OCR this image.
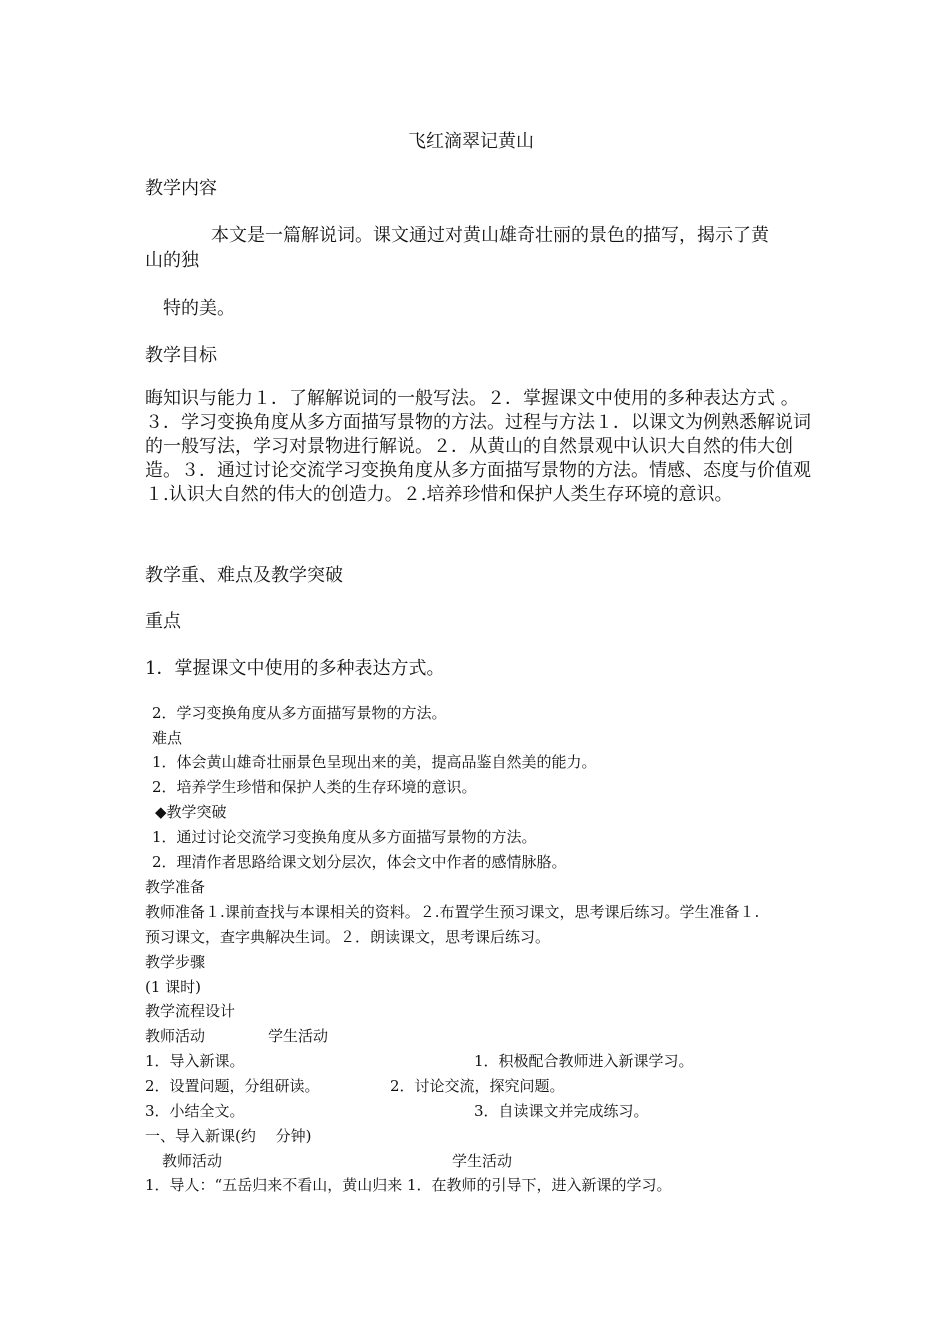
飞红滴翠记黄山
教学内容
本文是一篇解说词。课文通过对黄山雄奇壮丽的景色的描写，揭示了黄
山的独
特的美。
教学目标
晦知识与能力１．了解解说词的一般写法。２．掌握课文中使用的多种表达方式 。３．学习变换角度从多方面描写景物的方法。过程与方法１．以课文为例熟悉解说词的一般写法，学习对景物进行解说。２．从黄山的自然景观中认识大自然的伟大创造。３．通过讨论交流学习变换角度从多方面描写景物的方法。情感、态度与价值观１.认识大自然的伟大的创造力。２.培养珍惜和保护人类生存环境的意识。
教学重、难点及教学突破
重点
1．掌握课文中使用的多种表达方式。
2．学习变换角度从多方面描写景物的方法。
难点
1．体会黄山雄奇壮丽景色呈现出来的美，提高品鉴自然美的能力。
2．培养学生珍惜和保护人类的生存环境的意识。
◆教学突破
1．通过讨论交流学习变换角度从多方面描写景物的方法。
2．理清作者思路给课文划分层次，体会文中作者的感情脉胳。
教学准备
教师准备１.课前查找与本课相关的资料。２.布置学生预习课文，思考课后练习。学生准备１.
预习课文，查字典解决生词。２．朗读课文，思考课后练习。
教学步骤
(1 课时)
教学流程设计
教师活动	学生活动
1．导入新课。	1．积极配合教师进入新课学习。
2．设置问题，分组研读。	2．讨论交流，探究问题。
3．小结全文。	3．自读课文并完成练习。
一、导入新课(约　 分钟)
教师活动	学生活动
1．导人：“五岳归来不看山，黄山归来 1．在教师的引导下，进入新课的学习。
